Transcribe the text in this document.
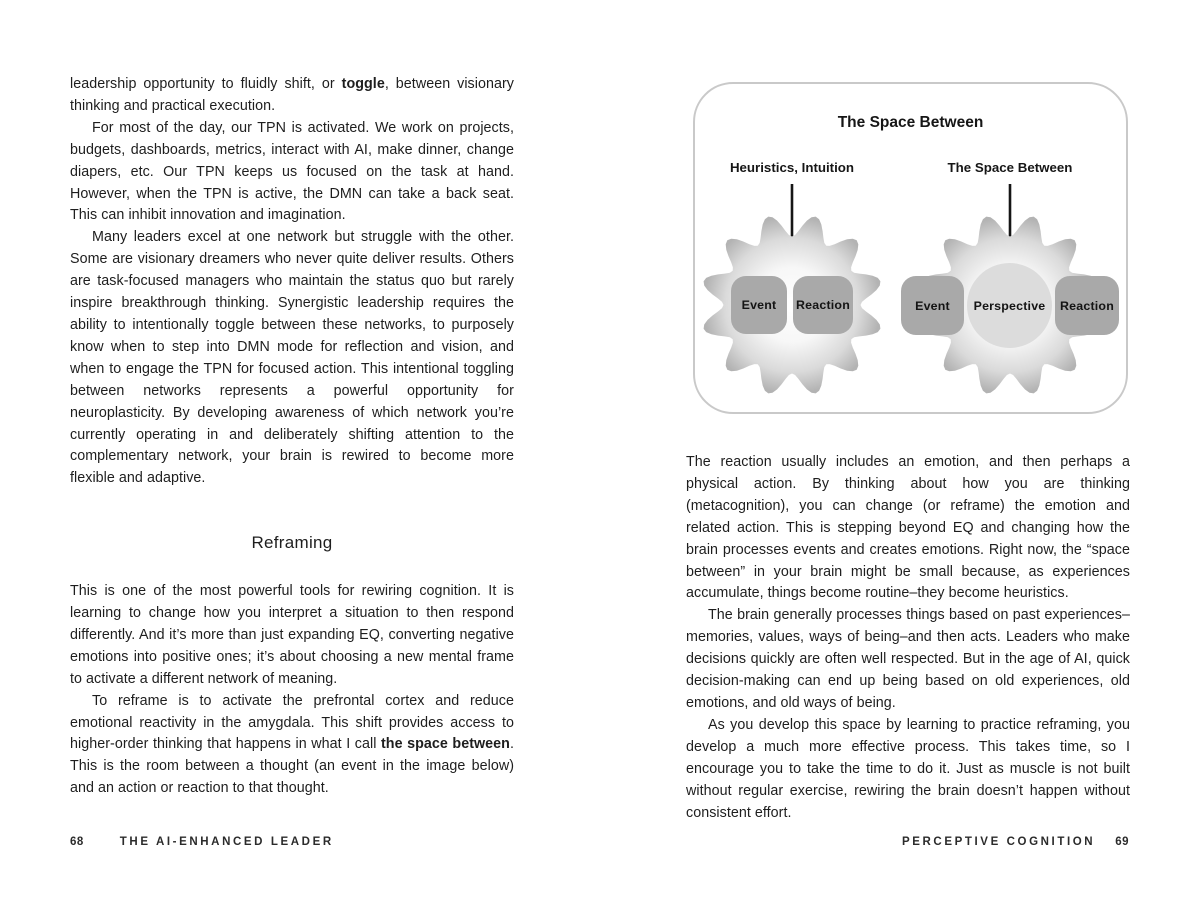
leadership opportunity to fluidly shift, or toggle, between visionary thinking and practical execution.

For most of the day, our TPN is activated. We work on projects, budgets, dashboards, metrics, interact with AI, make dinner, change diapers, etc. Our TPN keeps us focused on the task at hand. However, when the TPN is active, the DMN can take a back seat. This can inhibit innovation and imagination.

Many leaders excel at one network but struggle with the other. Some are visionary dreamers who never quite deliver results. Others are task-focused managers who maintain the status quo but rarely inspire breakthrough thinking. Synergistic leadership requires the ability to intentionally toggle between these networks, to purposely know when to step into DMN mode for reflection and vision, and when to engage the TPN for focused action. This intentional toggling between networks represents a powerful opportunity for neuroplasticity. By developing awareness of which network you’re currently operating in and deliberately shifting attention to the complementary network, your brain is rewired to become more flexible and adaptive.

Reframing

This is one of the most powerful tools for rewiring cognition. It is learning to change how you interpret a situation to then respond differently. And it’s more than just expanding EQ, converting negative emotions into positive ones; it’s about choosing a new mental frame to activate a different network of meaning.

To reframe is to activate the prefrontal cortex and reduce emotional reactivity in the amygdala. This shift provides access to higher-order thinking that happens in what I call the space between. This is the room between a thought (an event in the image below) and an action or reaction to that thought.

68	THE AI-ENHANCED LEADER
The Space Between
Heuristics, Intuition	The Space Between
Event	Reaction	Event	Perspective	Reaction

The reaction usually includes an emotion, and then perhaps a physical action. By thinking about how you are thinking (metacognition), you can change (or reframe) the emotion and related action. This is stepping beyond EQ and changing how the brain processes events and creates emotions. Right now, the “space between” in your brain might be small because, as experiences accumulate, things become routine–they become heuristics.

The brain generally processes things based on past experiences–memories, values, ways of being–and then acts. Leaders who make decisions quickly are often well respected. But in the age of AI, quick decision-making can end up being based on old experiences, old emotions, and old ways of being.

As you develop this space by learning to practice reframing, you develop a much more effective process. This takes time, so I encourage you to take the time to do it. Just as muscle is not built without regular exercise, rewiring the brain doesn’t happen without consistent effort.

PERCEPTIVE COGNITION 69
